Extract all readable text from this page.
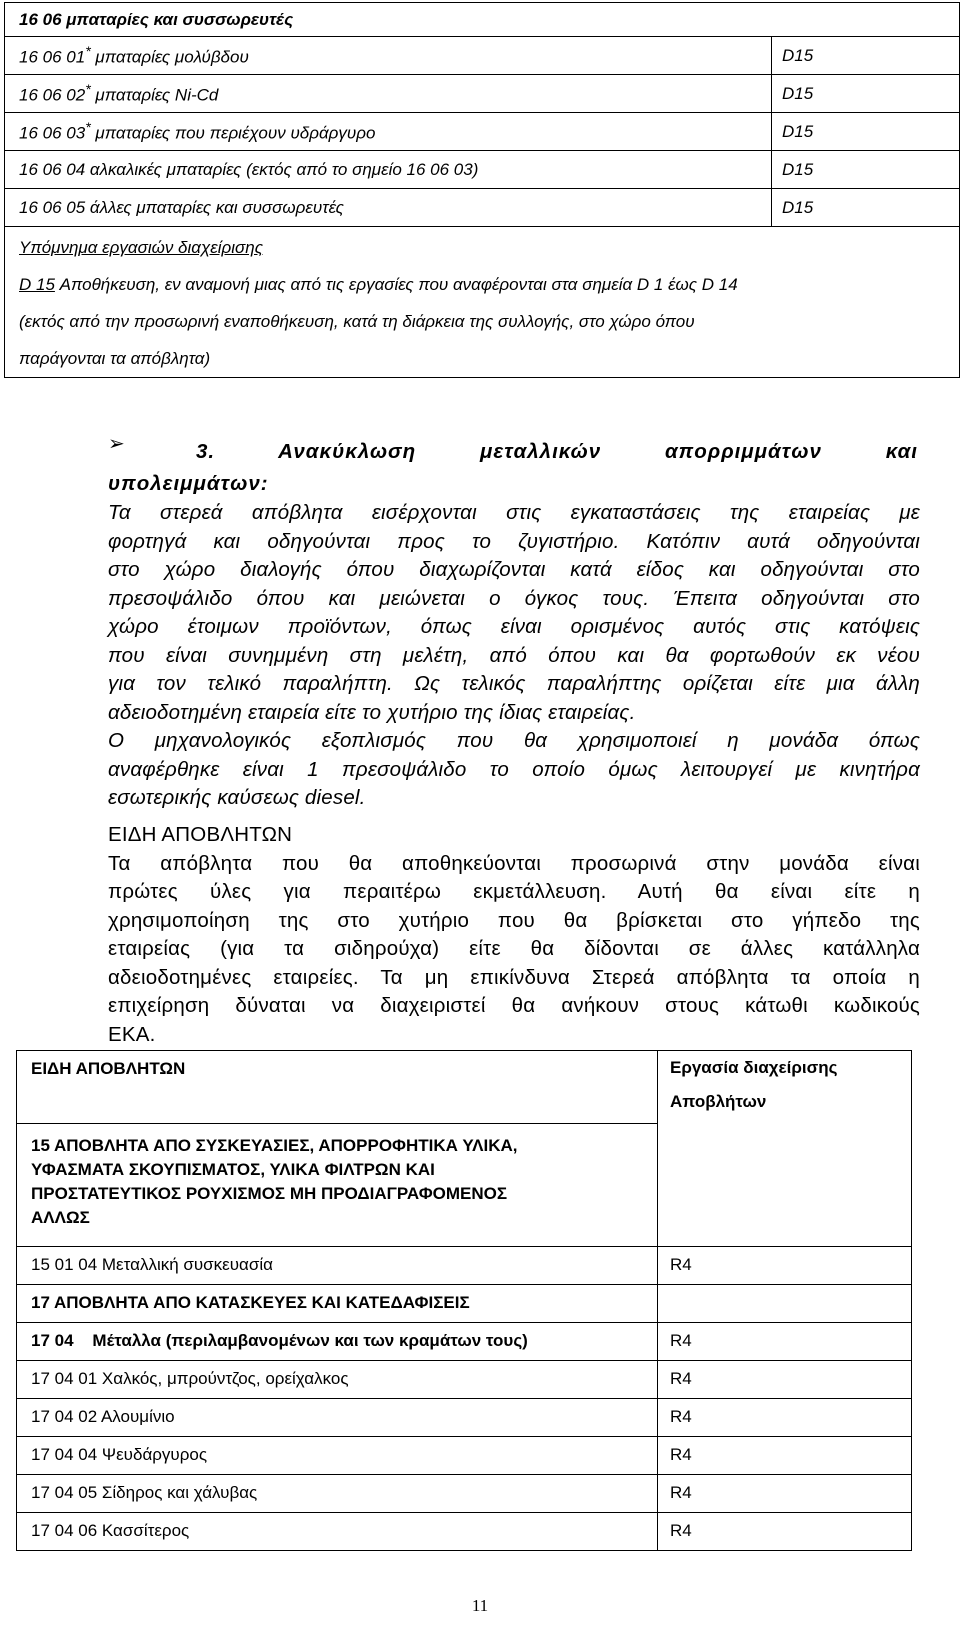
16 06 μπαταρίες και συσσωρευτές	
16 06 01* μπαταρίες μολύβδου	D15
16 06 02* μπαταρίες Ni-Cd	D15
16 06 03* μπαταρίες που περιέχουν υδράργυρο	D15
16 06 04 αλκαλικές μπαταρίες (εκτός από το σημείο 16 06 03)	D15
16 06 05 άλλες μπαταρίες και συσσωρευτές	D15

Υπόμνημα εργασιών διαχείρισης
D 15 Αποθήκευση, εν αναμονή μιας από τις εργασίες που αναφέρονται στα σημεία D 1 έως D 14
(εκτός από την προσωρινή εναποθήκευση, κατά τη διάρκεια της συλλογής, στο χώρο όπου
παράγονται τα απόβλητα)	
➢	3. Ανακύκλωση μεταλλικών απορριμμάτων και
υπολειμμάτων:
Τα στερεά απόβλητα εισέρχονται στις εγκαταστάσεις της εταιρείας με
φορτηγά και οδηγούνται προς το ζυγιστήριο. Κατόπιν αυτά οδηγούνται
στο χώρο διαλογής όπου διαχωρίζονται κατά είδος και οδηγούνται στο
πρεσοψάλιδο όπου και μειώνεται ο όγκος τους. Έπειτα οδηγούνται στο
χώρο έτοιμων προϊόντων, όπως είναι ορισμένος αυτός στις κατόψεις
που είναι συνημμένη στη μελέτη, από όπου και θα φορτωθούν εκ νέου
για τον τελικό παραλήπτη. Ως τελικός παραλήπτης ορίζεται είτε μια άλλη
αδειοδοτημένη εταιρεία είτε το χυτήριο της ίδιας εταιρείας.
Ο μηχανολογικός εξοπλισμός που θα χρησιμοποιεί η μονάδα όπως
αναφέρθηκε είναι 1 πρεσοψάλιδο το οποίο όμως λειτουργεί με κινητήρα
εσωτερικής καύσεως diesel.
ΕΙΔΗ ΑΠΟΒΛΗΤΩΝ
Τα απόβλητα που θα αποθηκεύονται προσωρινά στην μονάδα είναι
πρώτες ύλες για περαιτέρω εκμετάλλευση. Αυτή θα είναι είτε η
χρησιμοποίηση της στο χυτήριο που θα βρίσκεται στο γήπεδο της
εταιρείας (για τα σιδηρούχα) είτε θα δίδονται σε άλλες κατάλληλα
αδειοδοτημένες εταιρείες. Τα μη επικίνδυνα Στερεά απόβλητα τα οποία η
επιχείρηση δύναται να διαχειριστεί θα ανήκουν στους κάτωθι κωδικούς
ΕΚΑ.
ΕΙΔΗ ΑΠΟΒΛΗΤΩΝ	Εργασία διαχείρισης
Αποβλήτων

15 ΑΠΟΒΛΗΤΑ ΑΠΟ ΣΥΣΚΕΥΑΣΙΕΣ, ΑΠΟΡΡΟΦΗΤΙΚΑ ΥΛΙΚΑ,
ΥΦΑΣΜΑΤΑ ΣΚΟΥΠΙΣΜΑΤΟΣ, ΥΛΙΚΑ ΦΙΛΤΡΩΝ ΚΑΙ
ΠΡΟΣΤΑΤΕΥΤΙΚΟΣ ΡΟΥΧΙΣΜΟΣ ΜΗ ΠΡΟΔΙΑΓΡΑΦΟΜΕΝΟΣ
ΑΛΛΩΣ	

15 01 04 Μεταλλική συσκευασία	R4
17 ΑΠΟΒΛΗΤΑ ΑΠΟ ΚΑΤΑΣΚΕΥΕΣ ΚΑΙ ΚΑΤΕΔΑΦΙΣΕΙΣ	
17 04    Μέταλλα (περιλαμβανομένων και των κραμάτων τους)	R4
17 04 01 Χαλκός, μπρούντζος, ορείχαλκος	R4
17 04 02 Αλουμίνιο	R4
17 04 04 Ψευδάργυρος	R4
17 04 05 Σίδηρος και χάλυβας	R4
17 04 06 Κασσίτερος	R4
11
